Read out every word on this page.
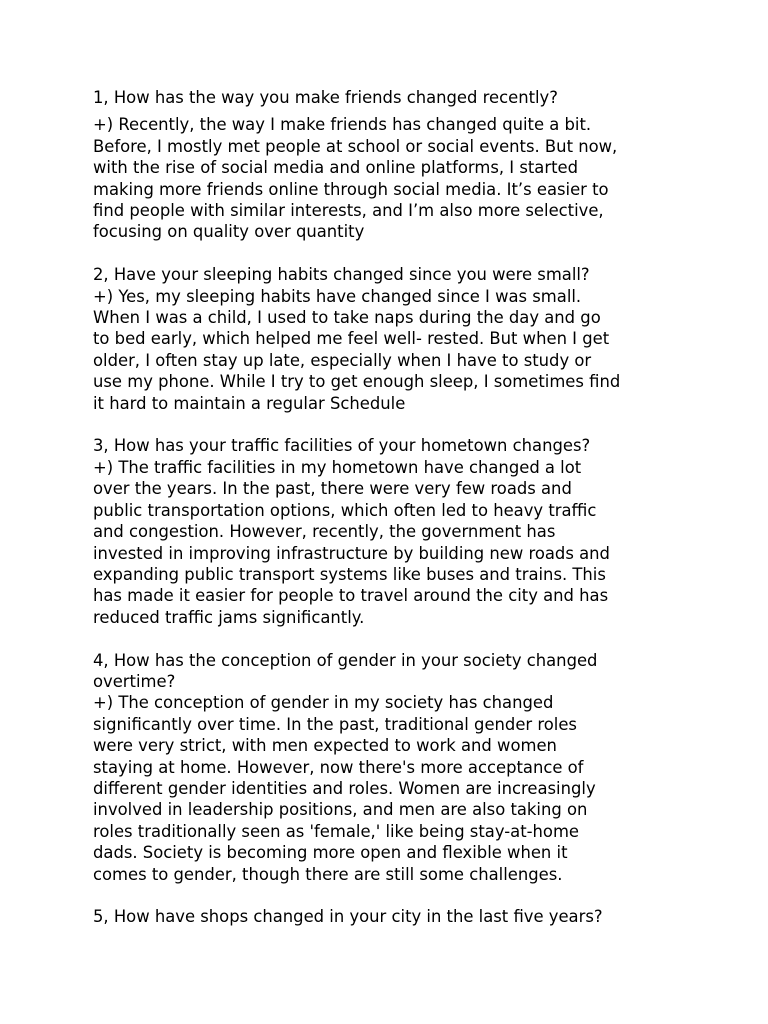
1, How has the way you make friends changed recently?
+) Recently, the way I make friends has changed quite a bit.
Before, I mostly met people at school or social events. But now,
with the rise of social media and online platforms, I started
making more friends online through social media. It’s easier to
find people with similar interests, and I’m also more selective,
focusing on quality over quantity
2, Have your sleeping habits changed since you were small?
+) Yes, my sleeping habits have changed since I was small.
When I was a child, I used to take naps during the day and go
to bed early, which helped me feel well- rested. But when I get
older, I often stay up late, especially when I have to study or
use my phone. While I try to get enough sleep, I sometimes find
it hard to maintain a regular Schedule
3, How has your traffic facilities of your hometown changes?
+) The traffic facilities in my hometown have changed a lot
over the years. In the past, there were very few roads and
public transportation options, which often led to heavy traffic
and congestion. However, recently, the government has
invested in improving infrastructure by building new roads and
expanding public transport systems like buses and trains. This
has made it easier for people to travel around the city and has
reduced traffic jams significantly.
4, How has the conception of gender in your society changed
overtime?
+) The conception of gender in my society has changed
significantly over time. In the past, traditional gender roles
were very strict, with men expected to work and women
staying at home. However, now there's more acceptance of
different gender identities and roles. Women are increasingly
involved in leadership positions, and men are also taking on
roles traditionally seen as 'female,' like being stay-at-home
dads. Society is becoming more open and flexible when it
comes to gender, though there are still some challenges.
5, How have shops changed in your city in the last five years?
